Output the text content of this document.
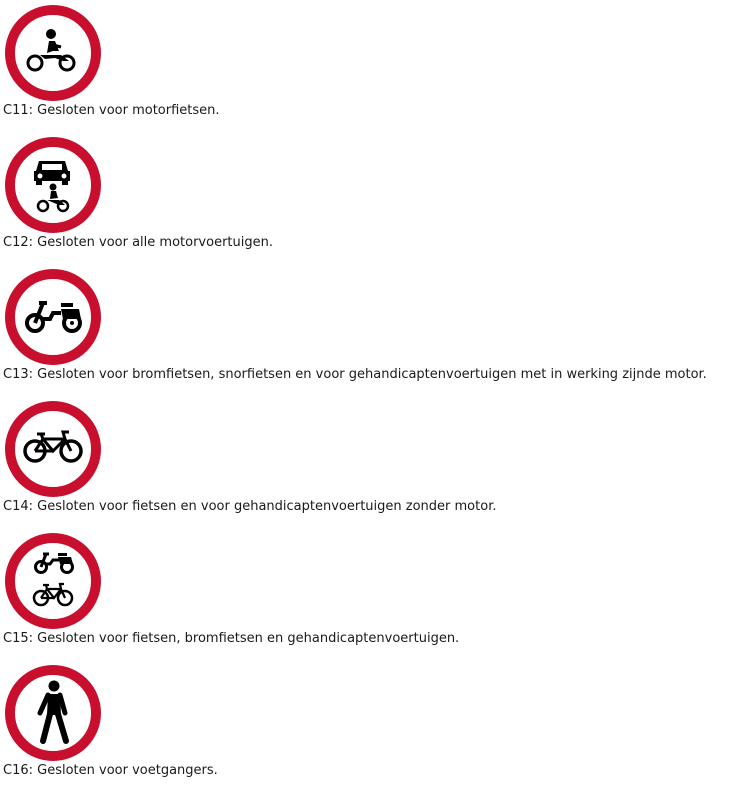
C11: Gesloten voor motorfietsen.
C12: Gesloten voor alle motorvoertuigen.
C13: Gesloten voor bromfietsen, snorfietsen en voor gehandicaptenvoertuigen met in werking zijnde motor.
C14: Gesloten voor fietsen en voor gehandicaptenvoertuigen zonder motor.
C15: Gesloten voor fietsen, bromfietsen en gehandicaptenvoertuigen.
C16: Gesloten voor voetgangers.
